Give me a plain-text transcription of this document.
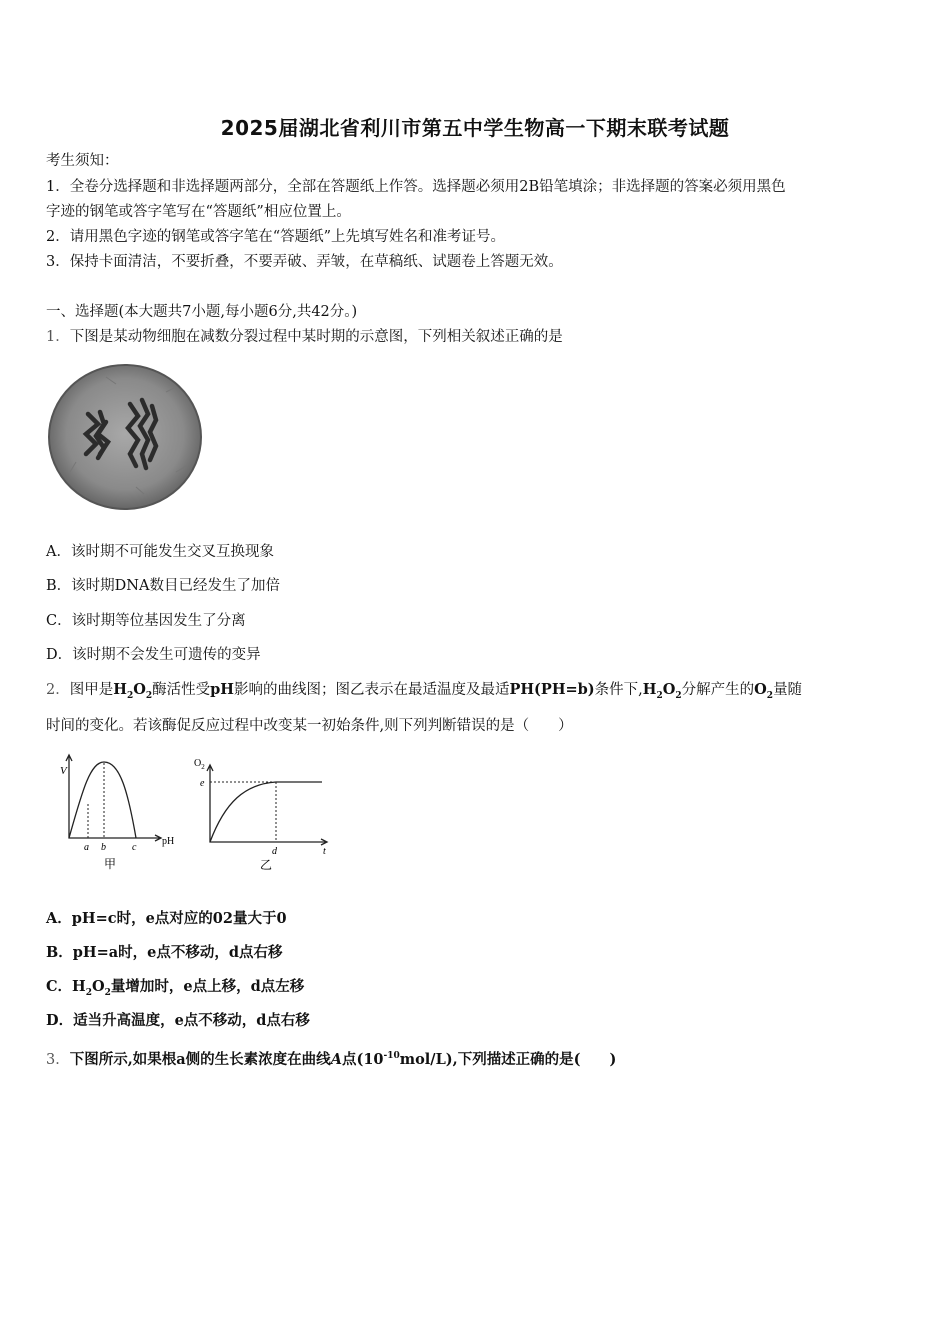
2025届湖北省利川市第五中学生物高一下期末联考试题
考生须知：
1．全卷分选择题和非选择题两部分，全部在答题纸上作答。选择题必须用2B铅笔填涂；非选择题的答案必须用黑色
字迹的钢笔或答字笔写在“答题纸”相应位置上。
2．请用黑色字迹的钢笔或答字笔在“答题纸”上先填写姓名和准考证号。
3．保持卡面清洁，不要折叠，不要弄破、弄皱，在草稿纸、试题卷上答题无效。
一、选择题(本大题共7小题,每小题6分,共42分。)
1．下图是某动物细胞在减数分裂过程中某时期的示意图，下列相关叙述正确的是
A．该时期不可能发生交叉互换现象
B．该时期DNA数目已经发生了加倍
C．该时期等位基因发生了分离
D．该时期不会发生可遗传的变异
2．图甲是$H_2O_2$酶活性受pH影响的曲线图；图乙表示在最适温度及最适PH(PH=b)条件下$,H_2O_2$分解产生的$O_2$量随
时间的变化。若该酶促反应过程中改变某一初始条件,则下列判断错误的是（　　）
V
pH
a b	c
甲
$O_2$
e
d	t
乙
A．pH=c时，e点对应的02量大于0
B．pH=a时，e点不移动，d点右移
C．$H_2O_2$量增加时，e点上移，d点左移
D．适当升高温度，e点不移动，d点右移
3．下图所示,如果根a侧的生长素浓度在曲线A点$(10^{-10}mol/L)$,下列描述正确的是(　　)
